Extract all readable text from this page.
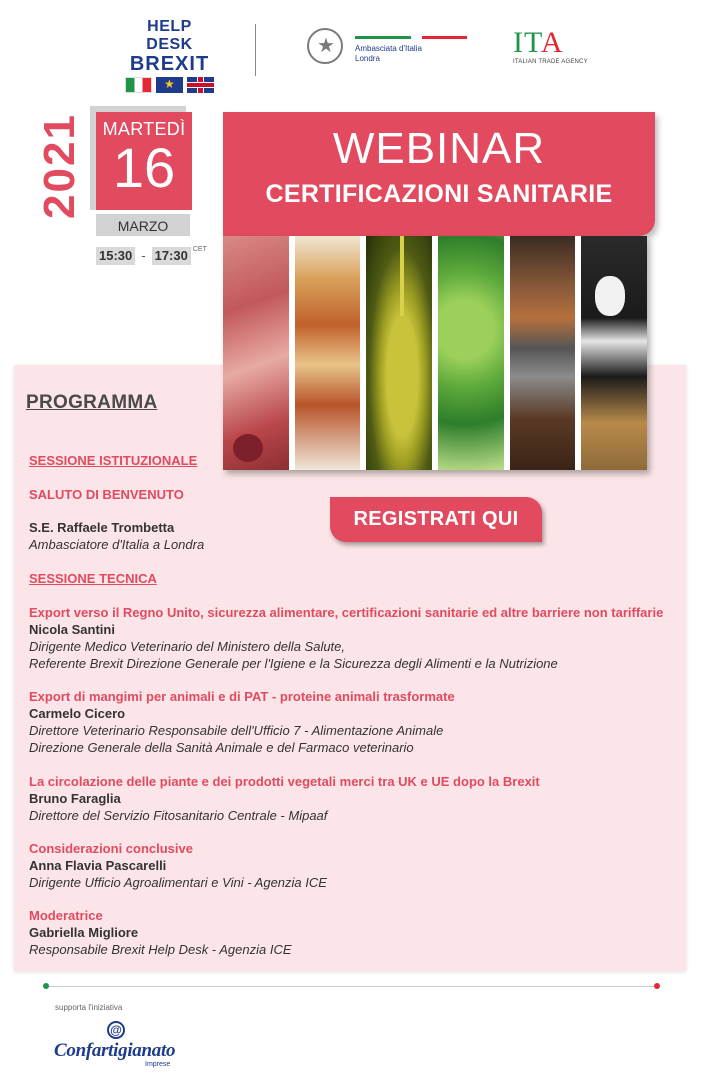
HELP DESK
BREXIT
★
★
Ambasciata d'Italia
Londra	ITA
ITALIAN TRADE AGENCY
2021	MARTEDÌ
16
MARZO
15:30 - 17:30 CET
WEBINAR
CERTIFICAZIONI SANITARIE
REGISTRATI QUI
PROGRAMMA
SESSIONE ISTITUZIONALE
SALUTO DI BENVENUTO
S.E. Raffaele Trombetta
Ambasciatore d'Italia a Londra
SESSIONE TECNICA
Export verso il Regno Unito, sicurezza alimentare, certificazioni sanitarie ed altre barriere non tariffarie
Nicola Santini
Dirigente Medico Veterinario del Ministero della Salute,
Referente Brexit Direzione Generale per l'Igiene e la Sicurezza degli Alimenti e la Nutrizione
Export di mangimi per animali e di PAT - proteine animali trasformate
Carmelo Cicero
Direttore Veterinario Responsabile dell'Ufficio 7 - Alimentazione Animale
Direzione Generale della Sanità Animale e del Farmaco veterinario
La circolazione delle piante e dei prodotti vegetali merci tra UK e UE dopo la Brexit
Bruno Faraglia
Direttore del Servizio Fitosanitario Centrale - Mipaaf
Considerazioni conclusive
Anna Flavia Pascarelli
Dirigente Ufficio Agroalimentari e Vini - Agenzia ICE
Moderatrice
Gabriella Migliore
Responsabile Brexit Help Desk - Agenzia ICE
supporta l'iniziativa
@
Confartigianato
Imprese
